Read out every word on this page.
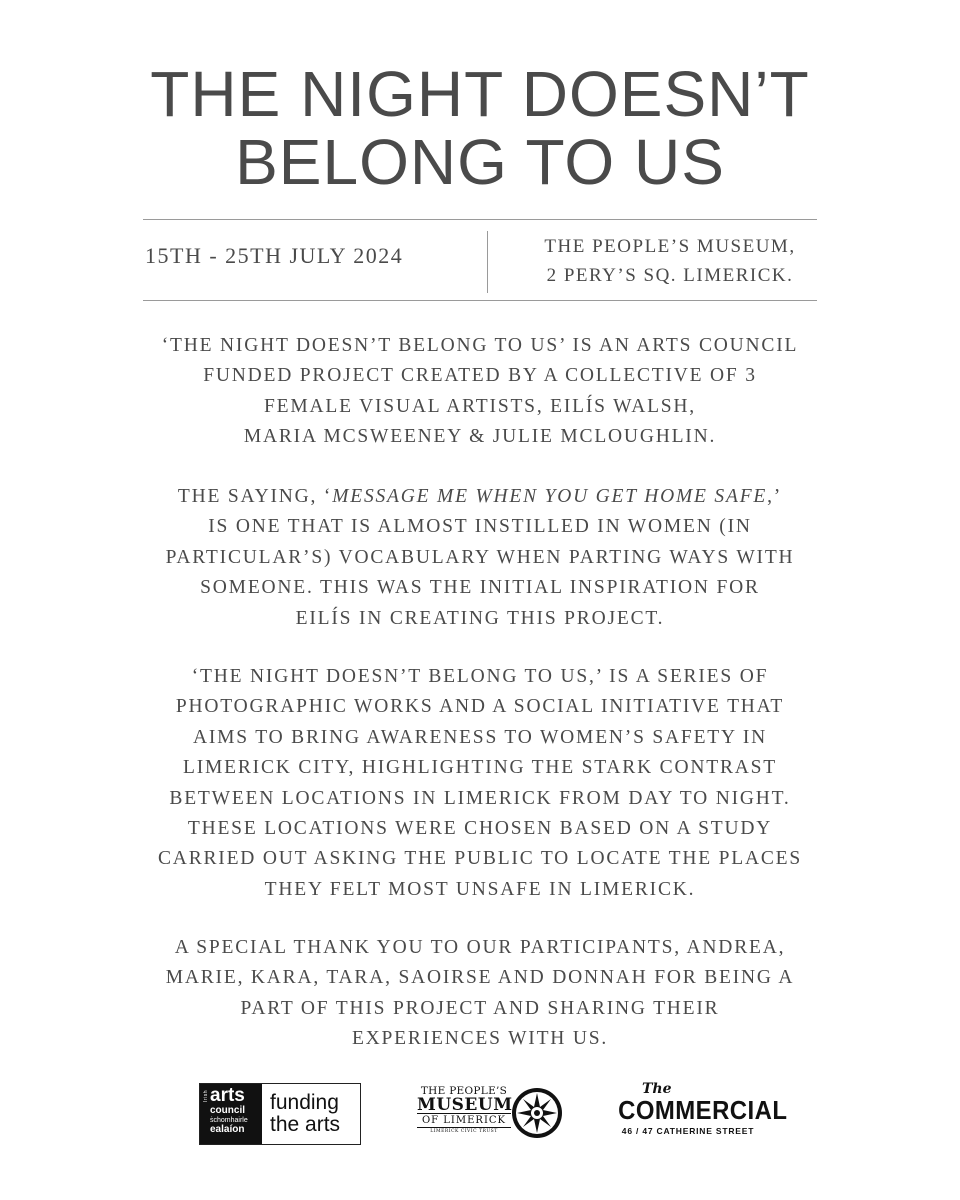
THE NIGHT DOESN’T
BELONG TO US
15TH - 25TH JULY 2024	THE PEOPLE’S MUSEUM,
2 PERY’S SQ. LIMERICK.
‘THE NIGHT DOESN’T BELONG TO US’ IS AN ARTS COUNCIL
FUNDED PROJECT CREATED BY A COLLECTIVE OF 3
FEMALE VISUAL ARTISTS, EILÍS WALSH,
MARIA MCSWEENEY & JULIE MCLOUGHLIN.
THE SAYING, ‘MESSAGE ME WHEN YOU GET HOME SAFE,’
IS ONE THAT IS ALMOST INSTILLED IN WOMEN (IN
PARTICULAR’S) VOCABULARY WHEN PARTING WAYS WITH
SOMEONE. THIS WAS THE INITIAL INSPIRATION FOR
EILÍS IN CREATING THIS PROJECT.
‘THE NIGHT DOESN’T BELONG TO US,’ IS A SERIES OF
PHOTOGRAPHIC WORKS AND A SOCIAL INITIATIVE THAT
AIMS TO BRING AWARENESS TO WOMEN’S SAFETY IN
LIMERICK CITY, HIGHLIGHTING THE STARK CONTRAST
BETWEEN LOCATIONS IN LIMERICK FROM DAY TO NIGHT.
THESE LOCATIONS WERE CHOSEN BASED ON A STUDY
CARRIED OUT ASKING THE PUBLIC TO LOCATE THE PLACES
THEY FELT MOST UNSAFE IN LIMERICK.
A SPECIAL THANK YOU TO OUR PARTICIPANTS, ANDREA,
MARIE, KARA, TARA, SAOIRSE AND DONNAH FOR BEING A
PART OF THIS PROJECT AND SHARING THEIR
EXPERIENCES WITH US.
Irish arts
council
ṡchomhairle
ealaíon
funding
the arts
THE PEOPLE’S
MUSEUM
OF LIMERICK
LIMERICK CIVIC TRUST
The
COMMERCIAL
46 / 47 CATHERINE STREET
